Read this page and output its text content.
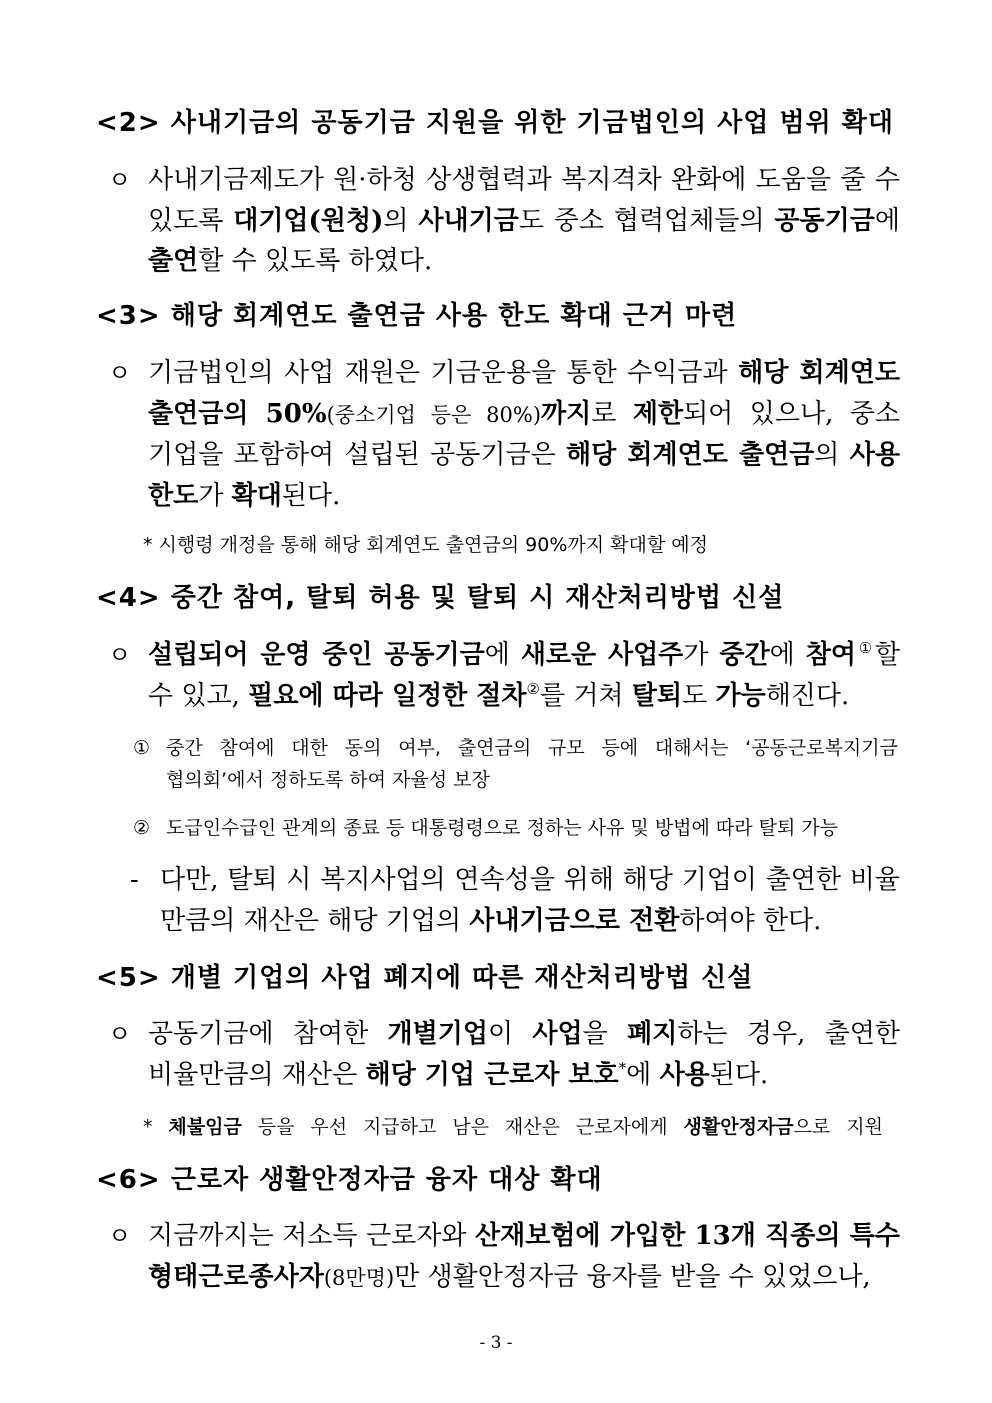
<2> 사내기금의 공동기금 지원을 위한 기금법인의 사업 범위 확대
ㅇ 사내기금제도가 원·하청 상생협력과 복지격차 완화에 도움을 줄 수
있도록 대기업(원청)의 사내기금도 중소 협력업체들의 공동기금에
출연할 수 있도록 하였다.
<3> 해당 회계연도 출연금 사용 한도 확대 근거 마련
ㅇ 기금법인의 사업 재원은 기금운용을 통한 수익금과 해당 회계연도
출연금의 50%(중소기업 등은 80%)까지로 제한되어 있으나, 중소
기업을 포함하여 설립된 공동기금은 해당 회계연도 출연금의 사용
한도가 확대된다.
* 시행령 개정을 통해 해당 회계연도 출연금의 90%까지 확대할 예정
<4> 중간 참여, 탈퇴 허용 및 탈퇴 시 재산처리방법 신설
ㅇ 설립되어 운영 중인 공동기금에 새로운 사업주가 중간에 참여①할
수 있고, 필요에 따라 일정한 절차②를 거쳐 탈퇴도 가능해진다.
① 중간 참여에 대한 동의 여부, 출연금의 규모 등에 대해서는 ‘공동근로복지기금
협의회’에서 정하도록 하여 자율성 보장
② 도급인수급인 관계의 종료 등 대통령령으로 정하는 사유 및 방법에 따라 탈퇴 가능
- 다만, 탈퇴 시 복지사업의 연속성을 위해 해당 기업이 출연한 비율
만큼의 재산은 해당 기업의 사내기금으로 전환하여야 한다.
<5> 개별 기업의 사업 폐지에 따른 재산처리방법 신설
ㅇ 공동기금에 참여한 개별기업이 사업을 폐지하는 경우, 출연한
비율만큼의 재산은 해당 기업 근로자 보호*에 사용된다.
* 체불임금 등을 우선 지급하고 남은 재산은 근로자에게 생활안정자금으로 지원
<6> 근로자 생활안정자금 융자 대상 확대
ㅇ 지금까지는 저소득 근로자와 산재보험에 가입한 13개 직종의 특수
형태근로종사자(8만명)만 생활안정자금 융자를 받을 수 있었으나,
- 3 -
